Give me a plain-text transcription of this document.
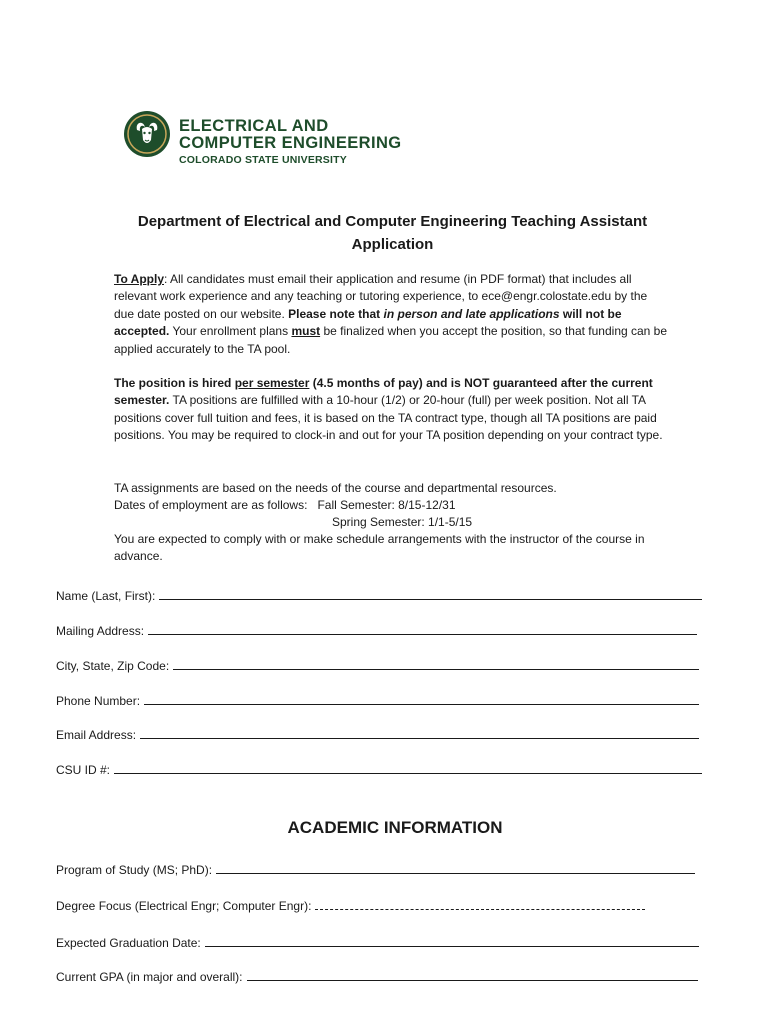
ELECTRICAL AND
COMPUTER ENGINEERING
COLORADO STATE UNIVERSITY
Department of Electrical and Computer Engineering Teaching Assistant
Application
To Apply: All candidates must email their application and resume (in PDF format) that includes all relevant work experience and any teaching or tutoring experience, to ece@engr.colostate.edu by the due date posted on our website. Please note that in person and late applications will not be accepted. Your enrollment plans must be finalized when you accept the position, so that funding can be applied accurately to the TA pool.
The position is hired per semester (4.5 months of pay) and is NOT guaranteed after the current semester. TA positions are fulfilled with a 10-hour (1/2) or 20-hour (full) per week position. Not all TA positions cover full tuition and fees, it is based on the TA contract type, though all TA positions are paid positions. You may be required to clock-in and out for your TA position depending on your contract type.
TA assignments are based on the needs of the course and departmental resources.
Dates of employment are as follows: Fall Semester: 8/15-12/31
Spring Semester: 1/1-5/15
You are expected to comply with or make schedule arrangements with the instructor of the course in advance.
Name (Last, First):
Mailing Address:
City, State, Zip Code:
Phone Number:
Email Address:
CSU ID #:
ACADEMIC INFORMATION
Program of Study (MS; PhD):
Degree Focus (Electrical Engr; Computer Engr):
Expected Graduation Date:
Current GPA (in major and overall):
